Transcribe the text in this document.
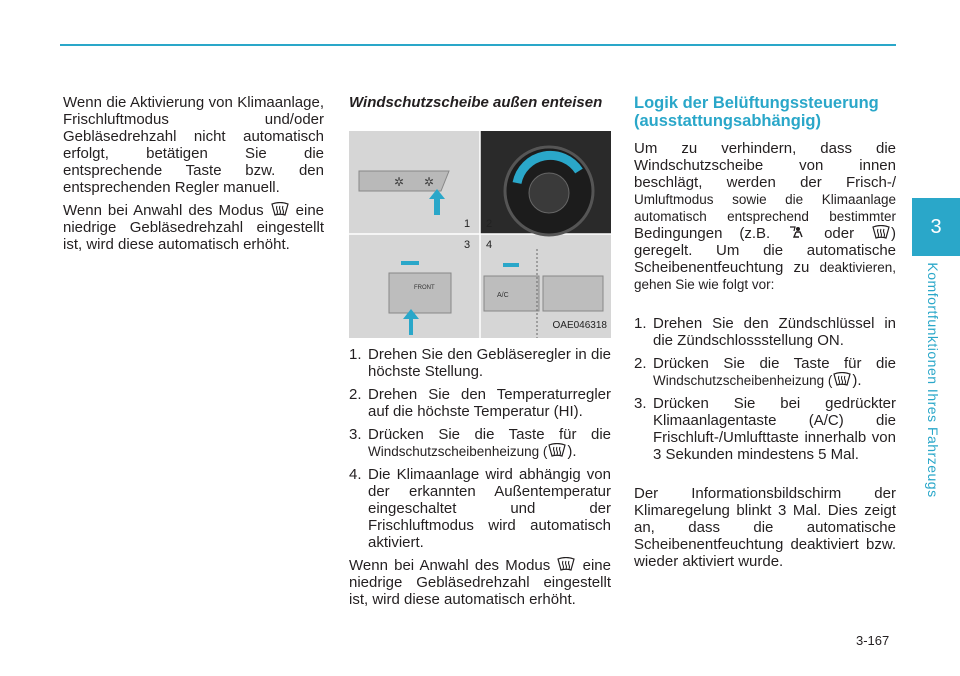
3
Komfortfunktionen Ihres Fahrzeugs

Wenn die Aktivierung von Klimaanlage, Frischluftmodus und/oder Gebläsedrehzahl nicht automatisch erfolgt, betätigen Sie die entsprechende Taste bzw. den entsprechenden Regler manuell.

Wenn bei Anwahl des Modus eine niedrige Gebläsedrehzahl eingestellt ist, wird diese automatisch erhöht.

Windschutzscheibe außen enteisen
✲ ✲
FRONT
A/C
1 2
3 4
OAE046318
1. Drehen Sie den Gebläseregler in die höchste Stellung.
2. Drehen Sie den Temperaturregler auf die höchste Temperatur (HI).
3. Drücken Sie die Taste für die Windschutzscheibenheizung ( ).
4. Die Klimaanlage wird abhängig von der erkannten Außentemperatur eingeschaltet und der Frischluftmodus wird automatisch aktiviert.

Wenn bei Anwahl des Modus eine niedrige Gebläsedrehzahl eingestellt ist, wird diese automatisch erhöht.

Logik der Belüftungssteuerung (ausstattungsabhängig)

Um zu verhindern, dass die Windschutzscheibe von innen beschlägt, werden der Frisch-/ Umluftmodus sowie die Klimaanlage automatisch entsprechend bestimmter Bedingungen (z.B.	oder ) geregelt. Um die automatische Scheibenentfeuchtung zu deaktivieren, gehen Sie wie folgt vor:

1. Drehen Sie den Zündschlüssel in die Zündschlossstellung ON.
2. Drücken Sie die Taste für die Windschutzscheibenheizung ( ).
3. Drücken Sie bei gedrückter Klimaanlagentaste (A/C) die Frischluft-/Umlufttaste innerhalb von 3 Sekunden mindestens 5 Mal.

Der Informationsbildschirm der Klimaregelung blinkt 3 Mal. Dies zeigt an, dass die automatische Scheibenentfeuchtung deaktiviert bzw. wieder aktiviert wurde.

3-167
